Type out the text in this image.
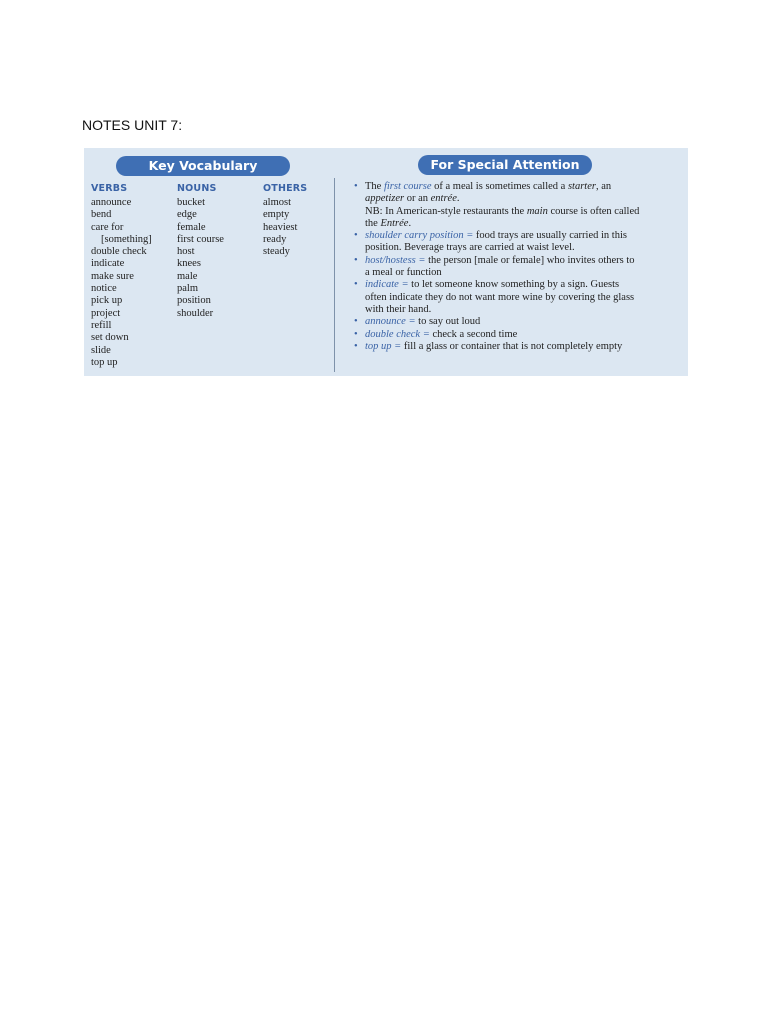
NOTES UNIT 7:
Key Vocabulary	For Special Attention
VERBS
announce
bend
care for
[something]
double check
indicate
make sure
notice
pick up
project
refill
set down
slide
top up
NOUNS
bucket
edge
female
first course
host
knees
male
palm
position
shoulder
OTHERS
almost
empty
heaviest
ready
steady
• The first course of a meal is sometimes called a starter, an

appetizer or an entrée.

NB: In American-style restaurants the main course is often called

the Entrée.

• shoulder carry position = food trays are usually carried in this

position. Beverage trays are carried at waist level.

• host/hostess = the person [male or female] who invites others to

a meal or function

• indicate = to let someone know something by a sign. Guests

often indicate they do not want more wine by covering the glass

with their hand.

• announce = to say out loud
• double check = check a second time
• top up = fill a glass or container that is not completely empty
